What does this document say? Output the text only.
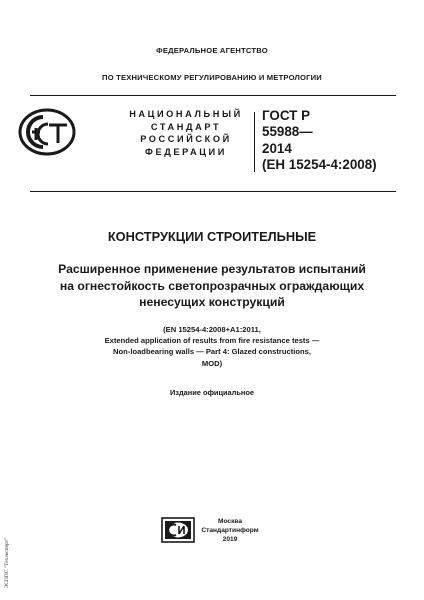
ФЕДЕРАЛЬНОЕ АГЕНТСТВО
ПО ТЕХНИЧЕСКОМУ РЕГУЛИРОВАНИЮ И МЕТРОЛОГИИ
НАЦИОНАЛЬНЫЙ
СТАНДАРТ
РОССИЙСКОЙ
ФЕДЕРАЦИИ
ГОСТ Р
55988—
2014
(ЕН 15254-4:2008)
КОНСТРУКЦИИ СТРОИТЕЛЬНЫЕ
Расширенное применение результатов испытаний
на огнестойкость светопрозрачных ограждающих
ненесущих конструкций
(EN 15254-4:2008+A1:2011,
Extended application of results from fire resistance tests —
Non-loadbearing walls — Part 4: Glazed constructions,
MOD)
Издание официальное
Москва
Стандартинформ
2019
ЭСППС "Техэксперт"
